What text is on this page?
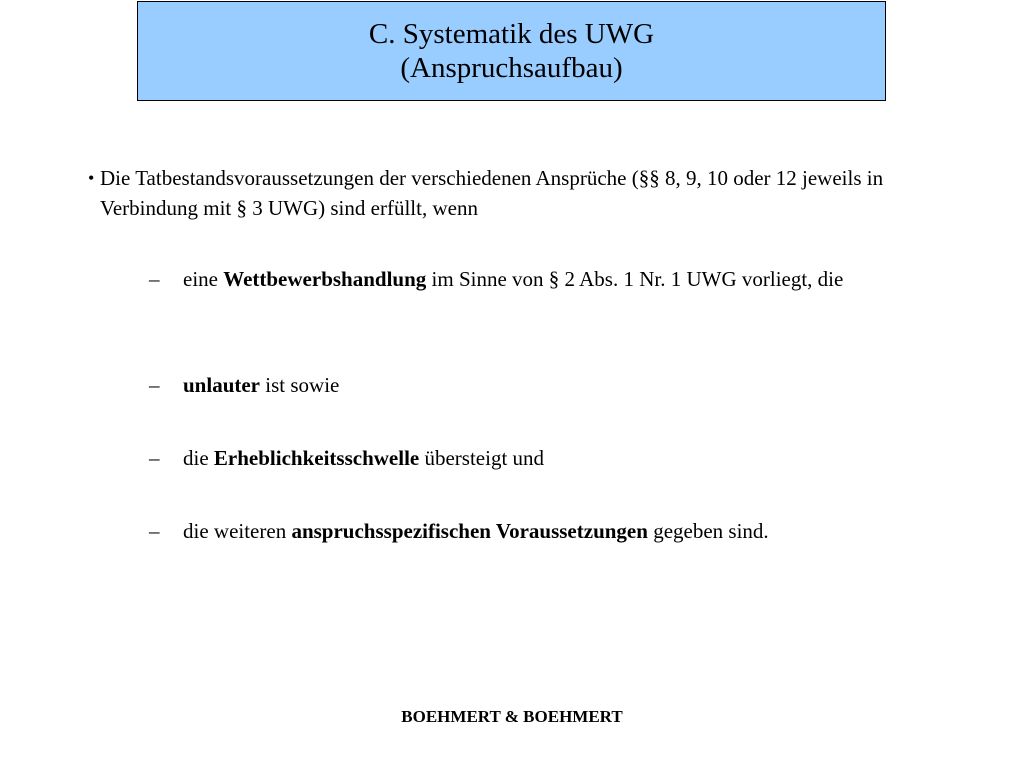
C. Systematik des UWG
(Anspruchsaufbau)
• Die Tatbestandsvoraussetzungen der verschiedenen Ansprüche (§§ 8, 9, 10 oder 12 jeweils in Verbindung mit § 3 UWG) sind erfüllt, wenn
– eine Wettbewerbshandlung im Sinne von § 2 Abs. 1 Nr. 1 UWG vorliegt, die
– unlauter ist sowie
– die Erheblichkeitsschwelle übersteigt und
– die weiteren anspruchsspezifischen Voraussetzungen gegeben sind.
BOEHMERT & BOEHMERT
